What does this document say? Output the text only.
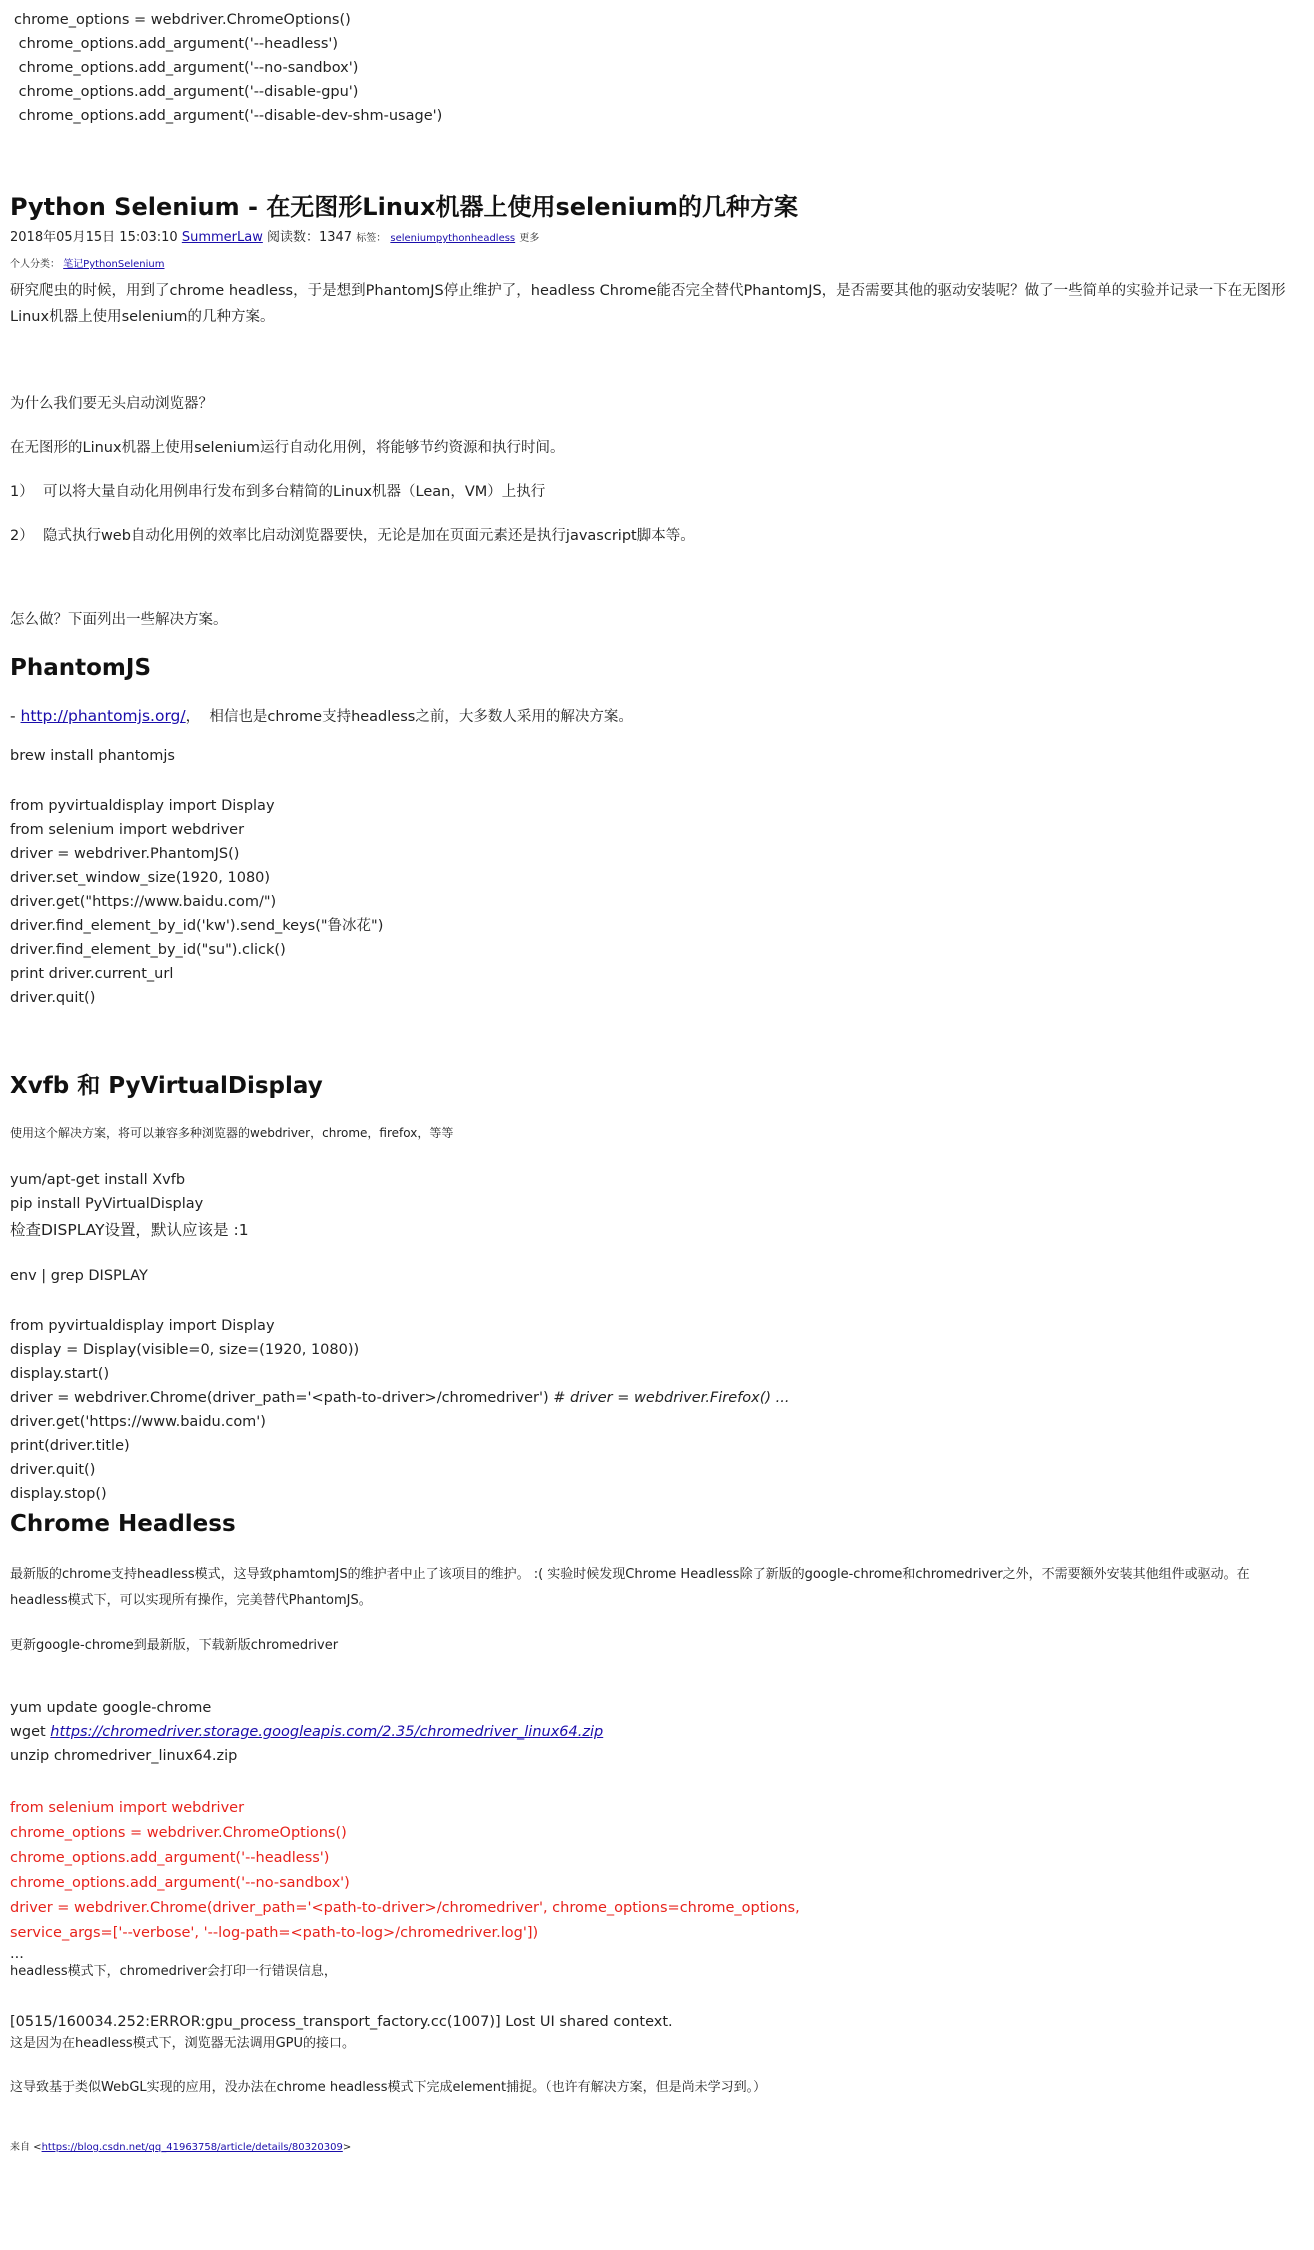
chrome_options = webdriver.ChromeOptions()
chrome_options.add_argument('--headless')
chrome_options.add_argument('--no-sandbox')
chrome_options.add_argument('--disable-gpu')
chrome_options.add_argument('--disable-dev-shm-usage')
Python Selenium - 在无图形Linux机器上使用selenium的几种方案
2018年05月15日 15:03:10 SummerLaw 阅读数：1347 标签： seleniumpythonheadless 更多
个人分类： 笔记PythonSelenium
研究爬虫的时候，用到了chrome headless，于是想到PhantomJS停止维护了，headless Chrome能否完全替代PhantomJS，是否需要其他的驱动安装呢？做了一些简单的实验并记录一下在无图形Linux机器上使用selenium的几种方案。
为什么我们要无头启动浏览器？
在无图形的Linux机器上使用selenium运行自动化用例，将能够节约资源和执行时间。
1）  可以将大量自动化用例串行发布到多台精简的Linux机器（Lean，VM）上执行
2）  隐式执行web自动化用例的效率比启动浏览器要快，无论是加在页面元素还是执行javascript脚本等。
怎么做？下面列出一些解决方案。
PhantomJS
- http://phantomjs.org/，  相信也是chrome支持headless之前，大多数人采用的解决方案。
brew install phantomjs
from pyvirtualdisplay import Display
from selenium import webdriver
driver = webdriver.PhantomJS()
driver.set_window_size(1920, 1080)
driver.get("https://www.baidu.com/")
driver.find_element_by_id('kw').send_keys("鲁冰花")
driver.find_element_by_id("su").click()
print driver.current_url
driver.quit()
Xvfb 和 PyVirtualDisplay
使用这个解决方案，将可以兼容多种浏览器的webdriver，chrome，firefox，等等
yum/apt-get install Xvfb
pip install PyVirtualDisplay
检查DISPLAY设置，默认应该是 :1
env | grep DISPLAY
from pyvirtualdisplay import Display
display = Display(visible=0, size=(1920, 1080))
display.start()
driver = webdriver.Chrome(driver_path='<path-to-driver>/chromedriver') # driver = webdriver.Firefox() ...
driver.get('https://www.baidu.com')
print(driver.title)
driver.quit()
display.stop()
Chrome Headless
最新版的chrome支持headless模式，这导致phamtomJS的维护者中止了该项目的维护。 :( 实验时候发现Chrome Headless除了新版的google-chrome和chromedriver之外，不需要额外安装其他组件或驱动。在headless模式下，可以实现所有操作，完美替代PhantomJS。
更新google-chrome到最新版，下载新版chromedriver
yum update google-chrome
wget https://chromedriver.storage.googleapis.com/2.35/chromedriver_linux64.zip
unzip chromedriver_linux64.zip
from selenium import webdriver
chrome_options = webdriver.ChromeOptions()
chrome_options.add_argument('--headless')
chrome_options.add_argument('--no-sandbox')
driver = webdriver.Chrome(driver_path='<path-to-driver>/chromedriver', chrome_options=chrome_options,
service_args=['--verbose', '--log-path=<path-to-log>/chromedriver.log'])
...
headless模式下，chromedriver会打印一行错误信息，
[0515/160034.252:ERROR:gpu_process_transport_factory.cc(1007)] Lost UI shared context.
这是因为在headless模式下，浏览器无法调用GPU的接口。
这导致基于类似WebGL实现的应用，没办法在chrome headless模式下完成element捕捉。（也许有解决方案，但是尚未学习到。）
来自 <https://blog.csdn.net/qq_41963758/article/details/80320309>
